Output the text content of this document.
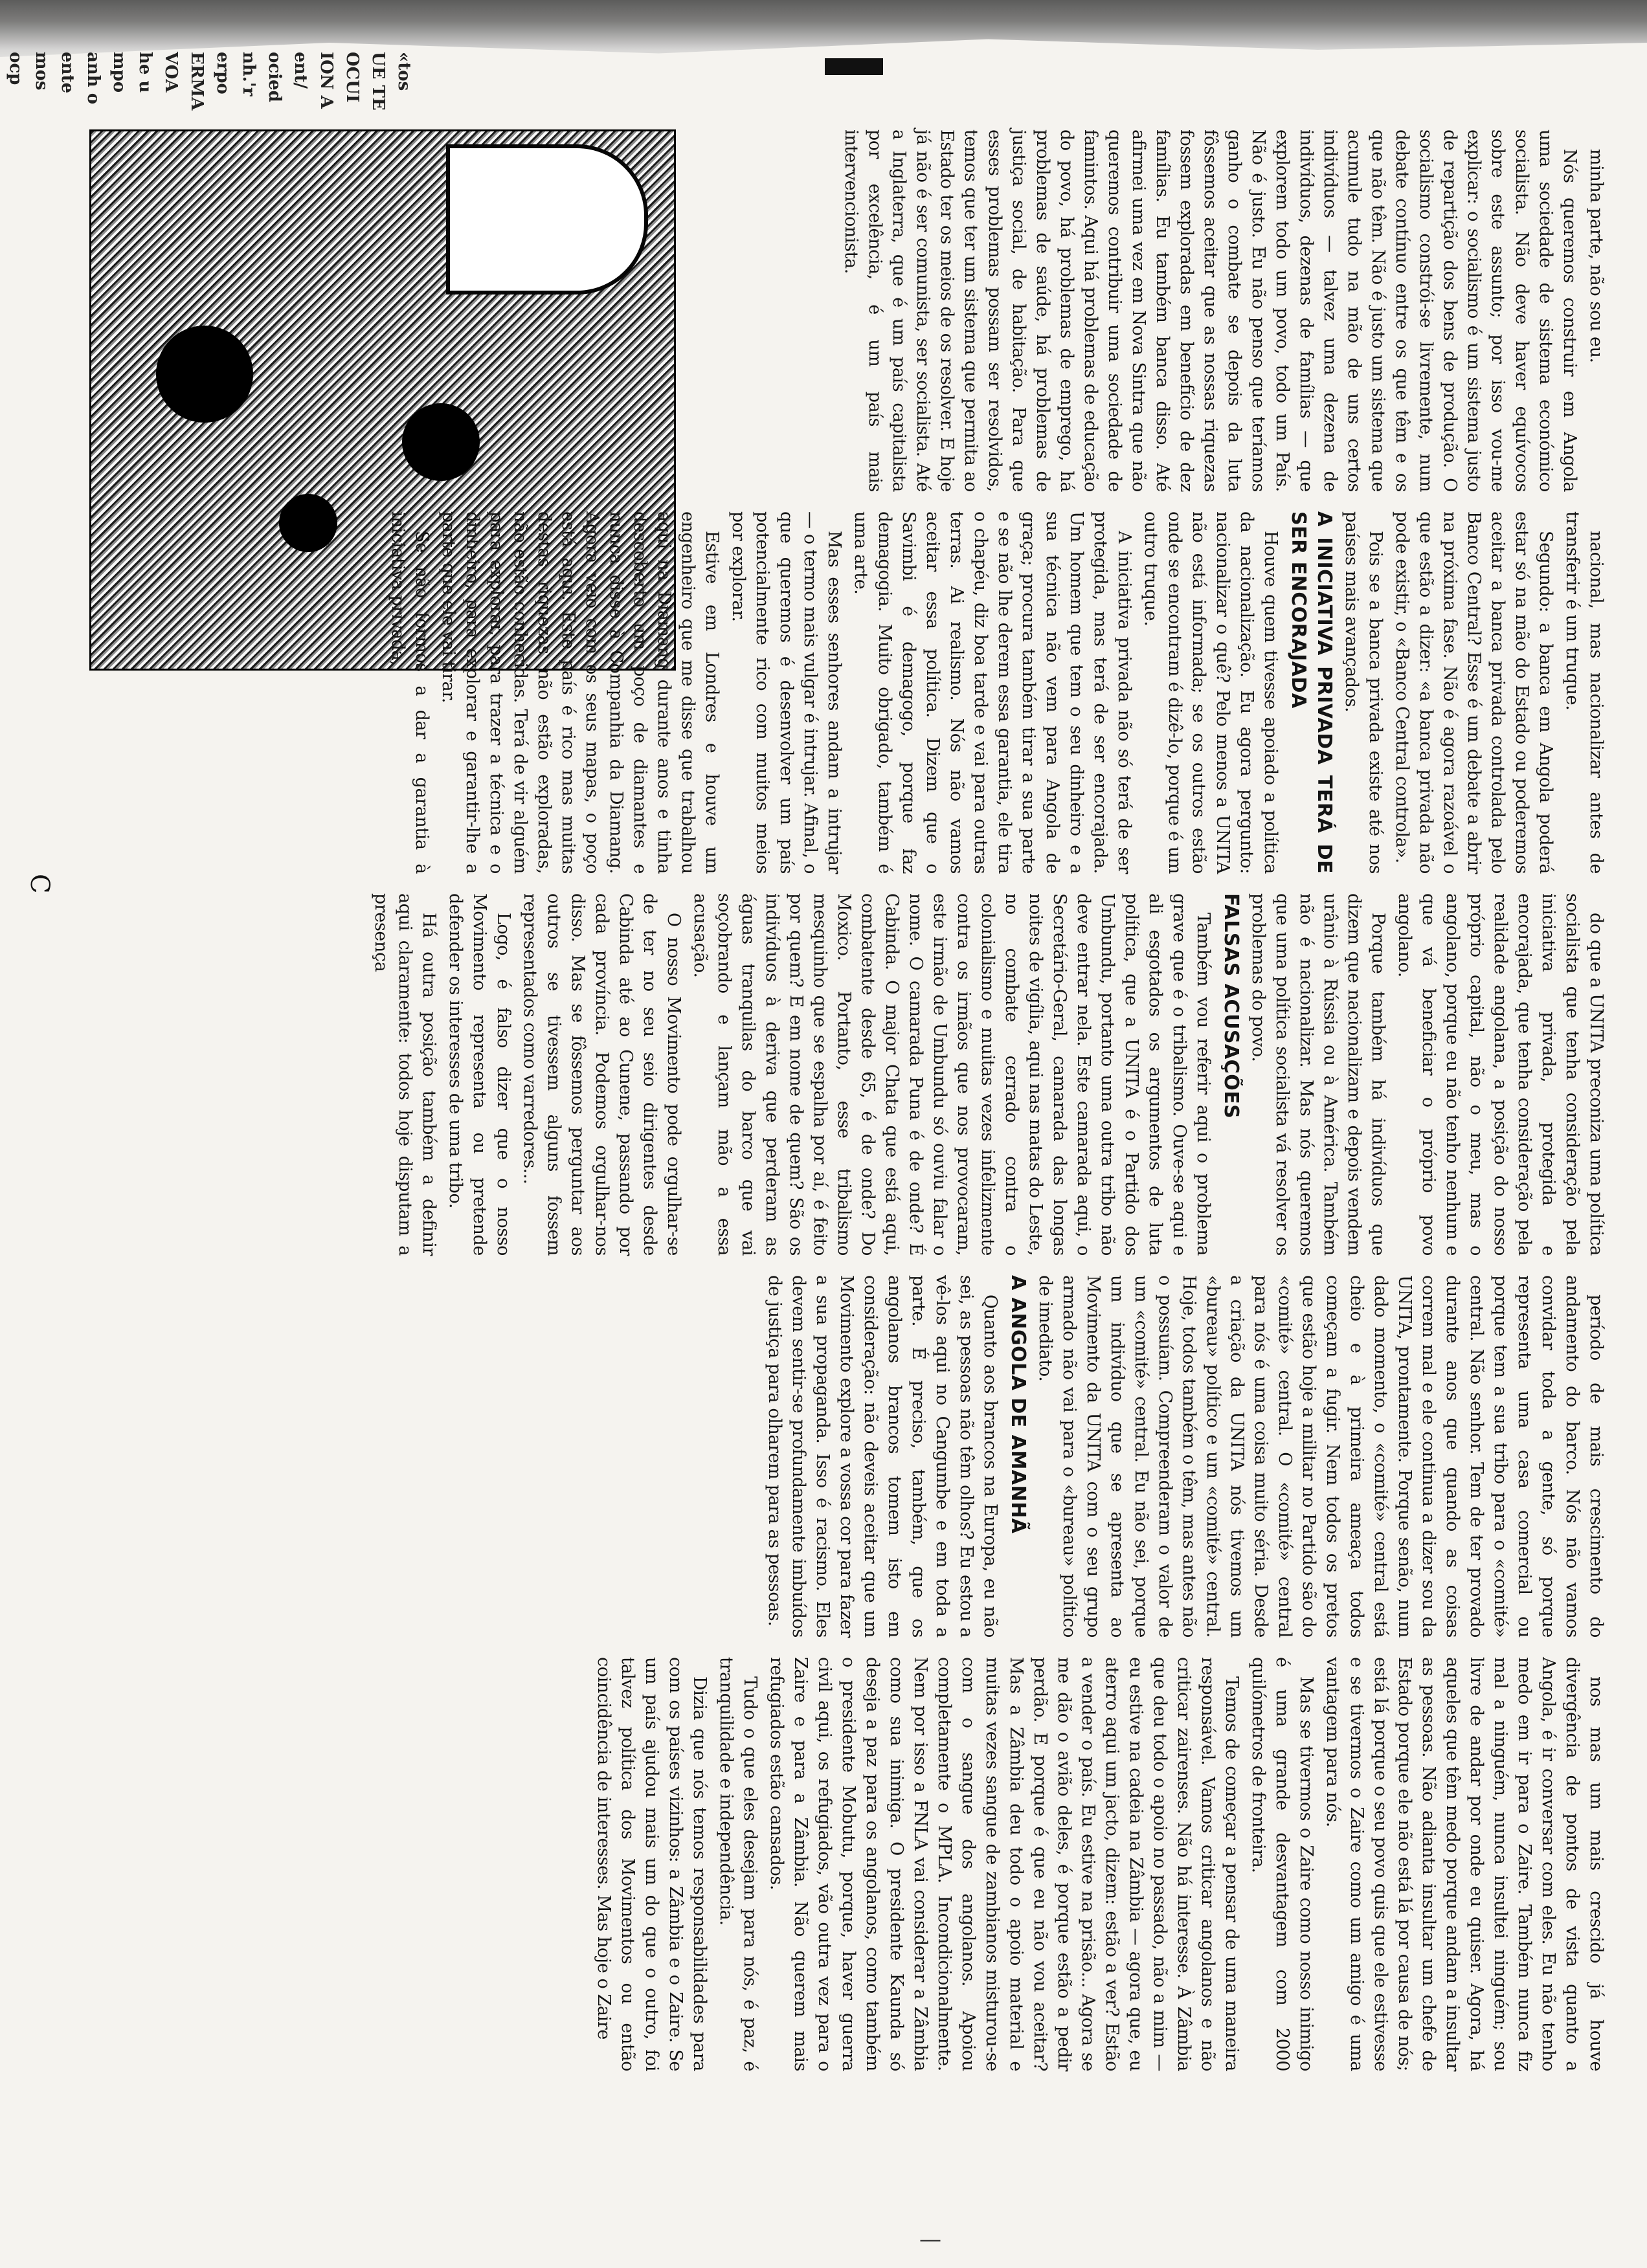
«tos
UE TE
OCUI
ION A
ent/
ocied
nh.'r
erpo
ERMA
VOA
he u
mpo
anh o
ente
mos
ocp

minha parte, não sou eu.

Nós queremos construir em Angola uma sociedade de sistema económico socialista. Não deve haver equívocos sobre este assunto; por isso vou-me explicar: o socialismo é um sistema justo de repartição dos bens de produção. O socialismo constrói-se livremente, num debate contínuo entre os que têm e os que não têm. Não é justo um sistema que acumule tudo na mão de uns certos indivíduos — talvez uma dezena de indivíduos, dezenas de famílias — que explorem todo um povo, todo um País. Não é justo. Eu não penso que teríamos ganho o combate se depois da luta fôssemos aceitar que as nossas riquezas fossem exploradas em benefício de dez famílias. Eu também banca disso. Até afirmei uma vez em Nova Sintra que não queremos contribuir uma sociedade de famintos. Aqui há problemas de educação do povo, há problemas de emprego, há problemas de saúde, há problemas de justiça social, de habitação. Para que esses problemas possam ser resolvidos, temos que ter um sistema que permita ao Estado ter os meios de os resolver. E hoje já não é ser comunista, ser socialista. Até a Inglaterra, que é um país capitalista por excelência, é um país mais intervencionista.

nacional, mas nacionalizar antes de transferir é um truque.

Segundo: a banca em Angola poderá estar só na mão do Estado ou poderemos aceitar a banca privada controlada pelo Banco Central? Esse é um debate a abrir na próxima fase. Não é agora razoável o que estão a dizer: «a banca privada não pode existir, o «Banco Central controla».

Pois se a banca privada existe até nos países mais avançados.

A INICIATIVA PRIVADA TERÁ DE SER ENCORAJADA

Houve quem tivesse apoiado a política da nacionalização. Eu agora pergunto: nacionalizar o quê? Pelo menos a UNITA não está informada; se os outros estão onde se encontram é dizê-lo, porque é um outro truque.

A iniciativa privada não só terá de ser protegida, mas terá de ser encorajada. Um homem que tem o seu dinheiro e a sua técnica não vem para Angola de graça; procura também tirar a sua parte e se não lhe derem essa garantia, ele tira o chapéu, diz boa tarde e vai para outras terras. Ai realismo. Nós não vamos aceitar essa política. Dizem que o Savimbi é demagogo, porque faz demagogia. Muito obrigado, também é uma arte.

Mas esses senhores andam a intrujar — o termo mais vulgar é intrujar. Afinal, o que queremos é desenvolver um país potencialmente rico com muitos meios por explorar.

Estive em Londres e houve um engenheiro que me disse que trabalhou aqui na Diamang durante anos e tinha descoberto um poço de diamantes e nunca disse à Companhia da Diamang. Agora veio com os seus mapas, o poço está aqui. Este país é rico mas muitas destas riquezas não estão exploradas, não estão conhecidas. Terá de vir alguém para explorar, para trazer a técnica e o dinheiro, para explorar e garantir-lhe a parte que ele vai tirar.

Se não formos a dar a garantia à iniciativa privada,

do que a UNITA preconiza uma política socialista que tenha consideração pela iniciativa privada, protegida e encorajada, que tenha consideração pela realidade angolana, a posição do nosso próprio capital, não o meu, mas o angolano, porque eu não tenho nenhum e que vá beneficiar o próprio povo angolano.

Porque também há indivíduos que dizem que nacionalizam e depois vendem urânio à Rússia ou à América. Também não é nacionalizar. Mas nós queremos que uma política socialista vá resolver os problemas do povo.

FALSAS ACUSAÇÕES

Também vou referir aqui o problema grave que é o tribalismo. Ouve-se aqui e ali esgotados os argumentos de luta política, que a UNITA é o Partido dos Umbundu, portanto uma outra tribo não deve entrar nela. Este camarada aqui, o Secretário-Geral, camarada das longas noites de vigília, aqui nas matas do Leste, no combate cerrado contra o colonialismo e muitas vezes infelizmente contra os irmãos que nos provocaram, este irmão de Umbundu só ouviu falar o nome. O camarada Puna é de onde? É Cabinda. O major Chata que está aqui, combatente desde 65, é de onde? Do Moxico. Portanto, esse tribalismo mesquinho que se espalha por aí, é feito por quem? E em nome de quem? São os indivíduos à deriva que perderam as águas tranquilas do barco que vai soçobrando e lançam mão a essa acusação.

O nosso Movimento pode orgulhar-se de ter no seu seio dirigentes desde Cabinda até ao Cunene, passando por cada província. Podemos orgulhar-nos disso. Mas se fôssemos perguntar aos outros se tivessem alguns fossem representados como varredores...

Logo, é falso dizer que o nosso Movimento representa ou pretende defender os interesses de uma tribo.

Há outra posição também a definir aqui claramente: todos hoje disputam a presença

período de mais crescimento do andamento do barco. Nós não vamos convidar toda a gente, só porque representa uma casa comercial ou porque tem a sua tribo para o «comité» central. Não senhor. Tem de ter provado durante anos que quando as coisas correm mal e ele continua a dizer sou da UNITA, prontamente. Porque senão, num dado momento, o «comité» central está cheio e à primeira ameaça todos começam a fugir. Nem todos os pretos que estão hoje a militar no Partido são do «comité» central. O «comité» central para nós é uma coisa muito séria. Desde a criação da UNITA nós tivemos um «bureau» político e um «comité» central. Hoje, todos também o têm, mas antes não o possuíam. Compreenderam o valor de um «comité» central. Eu não sei, porque um indivíduo que se apresenta ao Movimento da UNITA com o seu grupo armado não vai para o «bureau» político de imediato.

A ANGOLA DE AMANHÃ

Quanto aos brancos na Europa, eu não sei, as pessoas não têm olhos? Eu estou a vê-los aqui no Cangumbe e em toda a parte. É preciso, também, que os angolanos brancos tomem isto em consideração: não deveis aceitar que um Movimento explore a vossa cor para fazer a sua propaganda. Isso é racismo. Eles devem sentir-se profundamente imbuídos de justiça para olharem para as pessoas.

nos mas um mais crescido já houve divergência de pontos de vista quanto a Angola, é ir conversar com eles. Eu não tenho medo em ir para o Zaire. Também nunca fiz mal a ninguém, nunca insultei ninguém; sou livre de andar por onde eu quiser. Agora, há aqueles que têm medo porque andam a insultar as pessoas. Não adianta insultar um chefe de Estado porque ele não está lá por causa de nós; está lá porque o seu povo quis que ele estivesse e se tivermos o Zaire como um amigo é uma vantagem para nós.

Mas se tivermos o Zaire como nosso inimigo é uma grande desvantagem com 2000 quilómetros de fronteira.

Temos de começar a pensar de uma maneira responsável. Vamos criticar angolanos e não criticar zairenses. Não há interesse. À Zâmbia que deu todo o apoio no passado, não a mim — eu estive na cadeia na Zâmbia — agora que, eu aterro aqui um jacto, dizem: estão a ver? Estão a vender o país. Eu estive na prisão... Agora se me dão o avião deles, é porque estão a pedir perdão. E porque é que eu não vou aceitar? Mas a Zâmbia deu todo o apoio material e muitas vezes sangue de zambianos misturou-se com o sangue dos angolanos. Apoiou completamente o MPLA. Incondicionalmente. Nem por isso a FNLA vai considerar a Zâmbia como sua inimiga. O presidente Kaunda só deseja a paz para os angolanos, como também o presidente Mobutu, porque, haver guerra civil aqui, os refugiados, vão outra vez para o Zaire e para a Zâmbia. Não querem mais refugiados estão cansados.

Tudo o que eles desejam para nós, é paz, é tranquilidade e independência.

Dizia que nós temos responsabilidades para com os países vizinhos: a Zâmbia e o Zaire. Se um país ajudou mais um do que o outro, foi talvez política dos Movimentos ou então coincidência de interesses. Mas hoje o Zaire

C
—
